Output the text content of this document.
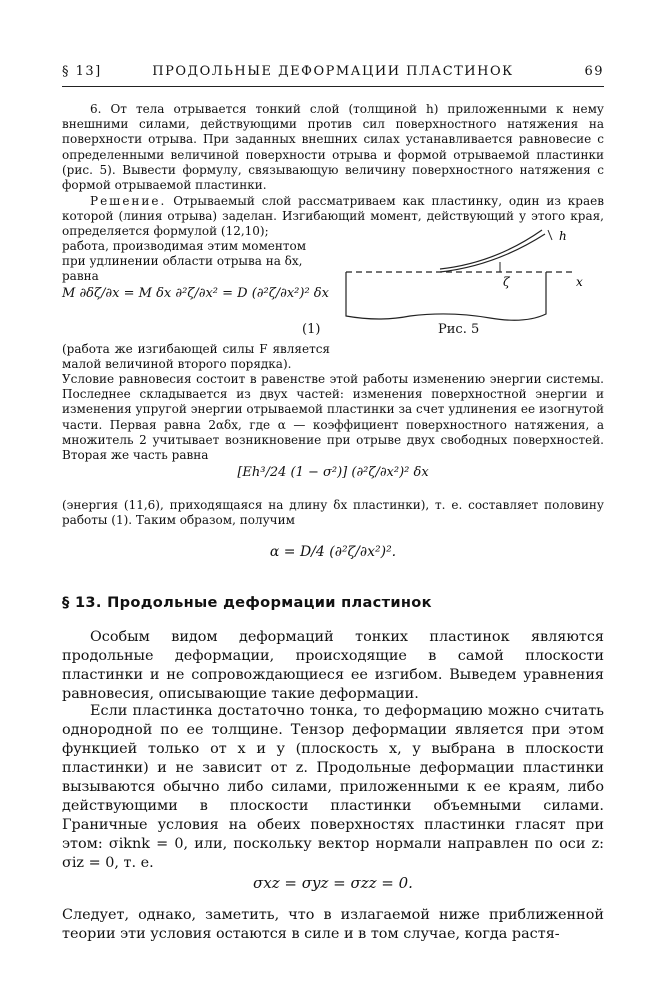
§ 13]	ПРОДОЛЬНЫЕ ДЕФОРМАЦИИ ПЛАСТИНОК	69
6. От тела отрывается тонкий слой (толщиной h) приложенными к нему внешними силами, действующими против сил поверхностного натяжения на поверхности отрыва. При заданных внешних силах устанавливается равновесие с определенными величиной поверхности отрыва и формой отрываемой пластинки (рис. 5). Вывести формулу, связывающую величину поверхностного натяжения с формой отрываемой пластинки.
Решение. Отрываемый слой рассматриваем как пластинку, один из краев которой (линия отрыва) заделан. Изгибающий момент, действующий у этого края, определяется формулой (12,10);
работа, производимая этим моментом при удлинении области отрыва на δx, равна
M ∂δζ/∂x = M δx ∂²ζ/∂x² = D (∂²ζ/∂x²)² δx
(1)
(работа же изгибающей силы F является малой величиной второго порядка).
h
ζ	x
Рис. 5
Условие равновесия состоит в равенстве этой работы изменению энергии системы. Последнее складывается из двух частей: изменения поверхностной энергии и изменения упругой энергии отрываемой пластинки за счет удлинения ее изогнутой части. Первая равна 2αδx, где α — коэффициент поверхностного натяжения, а множитель 2 учитывает возникновение при отрыве двух свободных поверхностей. Вторая же часть равна
[Eh³/24 (1 − σ²)] (∂²ζ/∂x²)² δx
(энергия (11,6), приходящаяся на длину δx пластинки), т. е. составляет половину работы (1). Таким образом, получим
α = D/4 (∂²ζ/∂x²)².
§ 13. Продольные деформации пластинок
Особым видом деформаций тонких пластинок являются продольные деформации, происходящие в самой плоскости пластинки и не сопровождающиеся ее изгибом. Выведем уравнения равновесия, описывающие такие деформации.
Если пластинка достаточно тонка, то деформацию можно считать однородной по ее толщине. Тензор деформации является при этом функцией только от x и y (плоскость x, y выбрана в плоскости пластинки) и не зависит от z. Продольные деформации пластинки вызываются обычно либо силами, приложенными к ее краям, либо действующими в плоскости пластинки объемными силами. Граничные условия на обеих поверхностях пластинки гласят при этом: σiknk = 0, или, поскольку вектор нормали направлен по оси z: σiz = 0, т. е.
σxz = σyz = σzz = 0.
Следует, однако, заметить, что в излагаемой ниже приближенной теории эти условия остаются в силе и в том случае, когда растя-
